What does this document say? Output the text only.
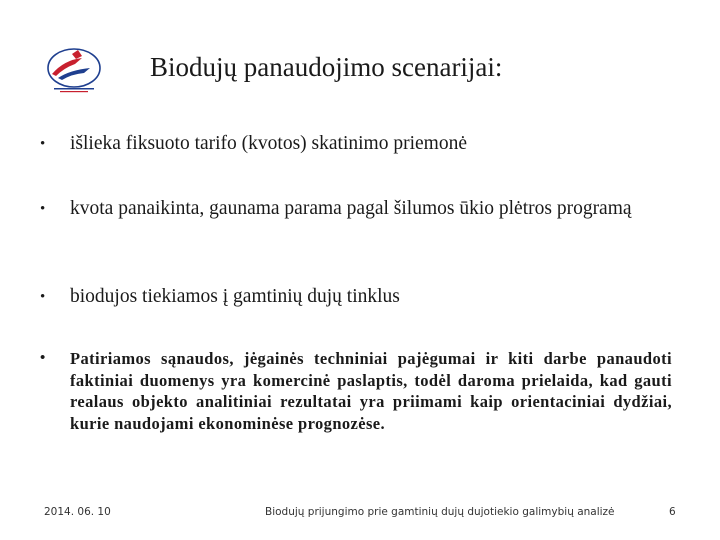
Biodujų panaudojimo scenarijai:
•	išlieka fiksuoto tarifo (kvotos) skatinimo priemonė
•	kvota panaikinta, gaunama parama pagal šilumos ūkio plėtros programą
•	biodujos tiekiamos į gamtinių dujų tinklus
•	Patiriamos sąnaudos, jėgainės techniniai pajėgumai ir kiti darbe panaudoti faktiniai duomenys yra komercinė paslaptis, todėl daroma prielaida, kad gauti realaus objekto analitiniai rezultatai yra priimami kaip orientaciniai dydžiai, kurie naudojami ekonominėse prognozėse.
2014. 06. 10	Biodujų prijungimo prie gamtinių dujų dujotiekio galimybių analizė	6
